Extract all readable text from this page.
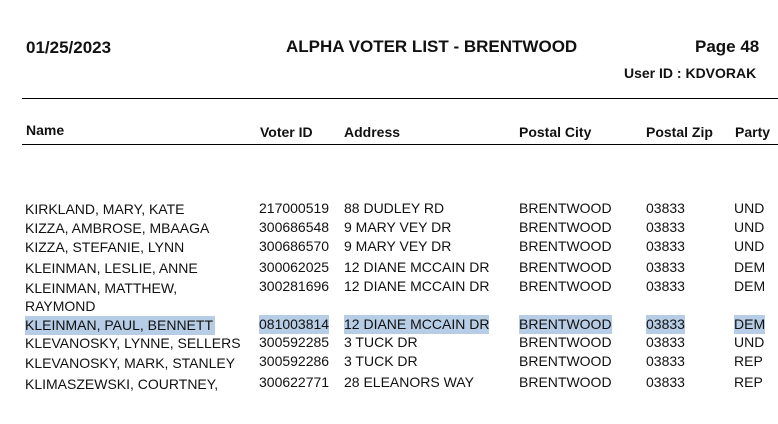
01/25/2023	ALPHA VOTER LIST - BRENTWOOD	Page 48
User ID : KDVORAK
Name	Voter ID Address	Postal City	Postal Zip Party
KIRKLAND, MARY, KATE	217000519 88 DUDLEY RD	BRENTWOOD 03833	UND
KIZZA, AMBROSE, MBAAGA	300686548 9 MARY VEY DR	BRENTWOOD 03833	UND
KIZZA, STEFANIE, LYNN	300686570 9 MARY VEY DR	BRENTWOOD 03833	UND
KLEINMAN, LESLIE, ANNE	300062025 12 DIANE MCCAIN DR BRENTWOOD 03833	DEM
KLEINMAN, MATTHEW,
RAYMOND
300281696 12 DIANE MCCAIN DR BRENTWOOD 03833	DEM
KLEINMAN, PAUL, BENNETT	081003814 12 DIANE MCCAIN DR BRENTWOOD 03833	DEM
KLEVANOSKY, LYNNE, SELLERS 300592285 3 TUCK DR	BRENTWOOD 03833	UND
KLEVANOSKY, MARK, STANLEY 300592286 3 TUCK DR	BRENTWOOD 03833	REP
KLIMASZEWSKI, COURTNEY,	300622771 28 ELEANORS WAY	BRENTWOOD 03833	REP
